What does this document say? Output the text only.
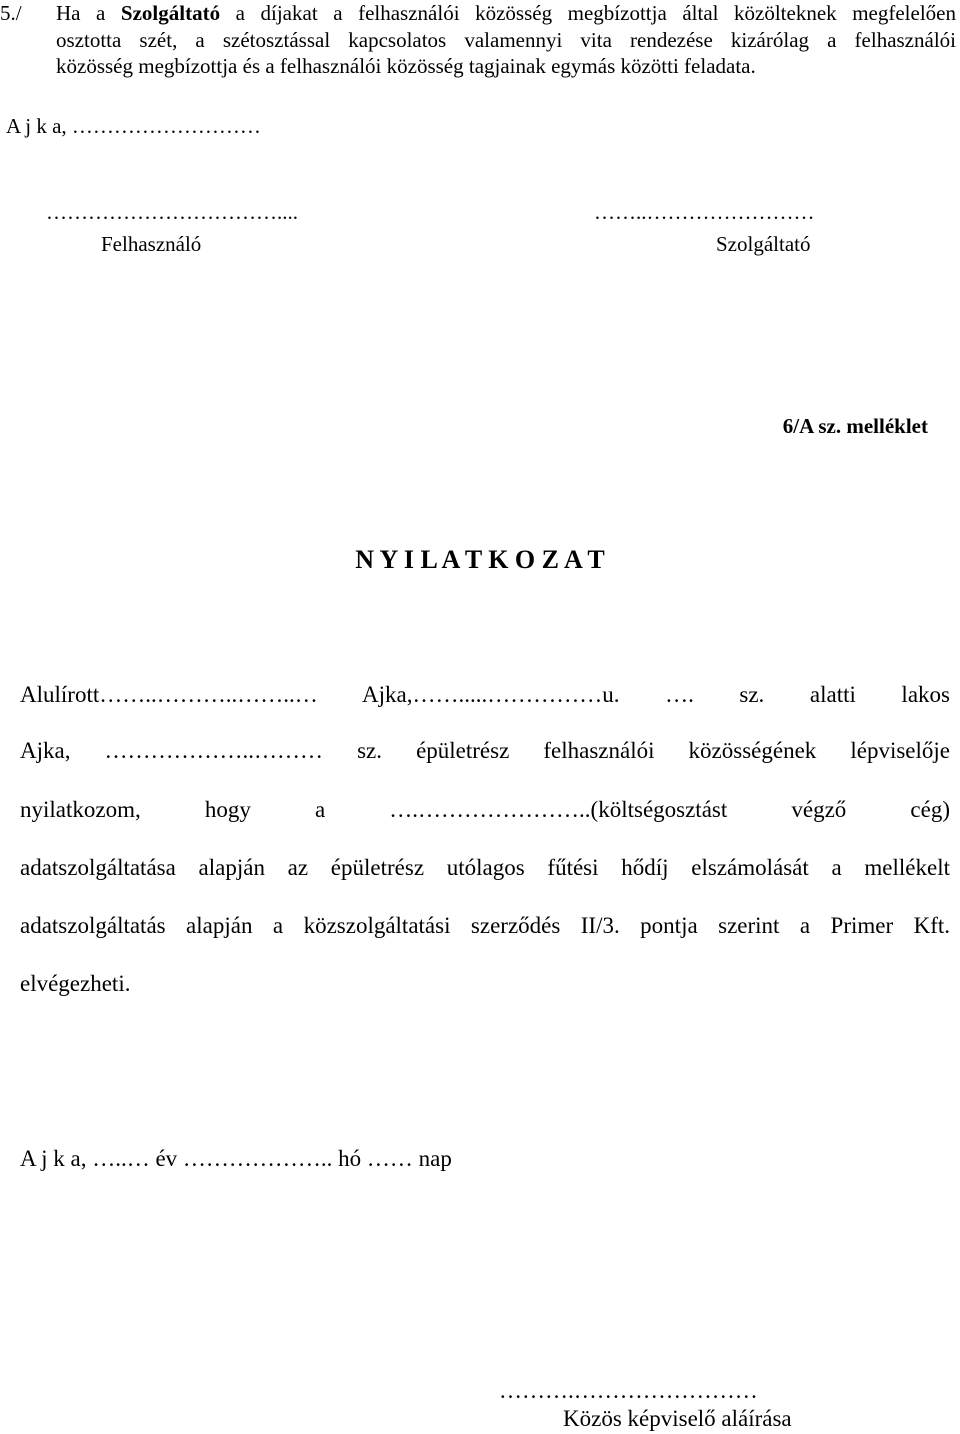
5./ Ha a Szolgáltató a díjakat a felhasználói közösség megbízottja által közölteknek megfelelően
osztotta szét, a szétosztással kapcsolatos valamennyi vita rendezése kizárólag a felhasználói
közösség megbízottja és a felhasználói közösség tagjainak egymás közötti feladata.
A j k a, ………………………
……………………………....
Felhasználó
……..……………………
Szolgáltató
6/A sz. melléklet
N Y I L A T K O Z A T
Alulírott……..………..……..… Ajka,…….....……………u. …. sz. alatti lakos
Ajka, ………………..……… sz. épületrész felhasználói közösségének lépviselője
nyilatkozom, hogy a ….…………………..(költségosztást végző cég)
adatszolgáltatása alapján az épületrész utólagos fűtési hődíj elszámolását a mellékelt
adatszolgáltatás alapján a közszolgáltatási szerződés II/3. pontja szerint a Primer Kft.
elvégezheti.
A j k a, …..… év ……………….. hó …… nap
……….……………………
Közös képviselő aláírása
